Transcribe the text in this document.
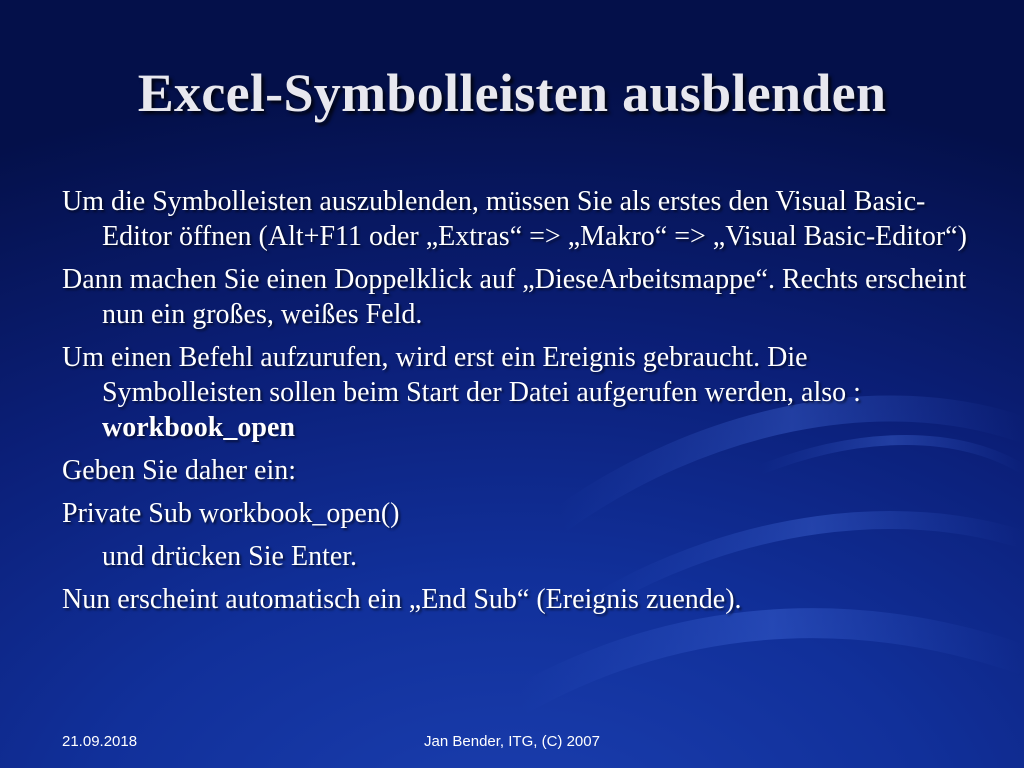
Excel-Symbolleisten ausblenden
Um die Symbolleisten auszublenden, müssen Sie als erstes den Visual Basic-Editor öffnen (Alt+F11 oder „Extras“ => „Makro“ => „Visual Basic-Editor“)
Dann machen Sie einen Doppelklick auf „DieseArbeitsmappe“. Rechts erscheint nun ein großes, weißes Feld.
Um einen Befehl aufzurufen, wird erst ein Ereignis gebraucht. Die Symbolleisten sollen beim Start der Datei aufgerufen werden, also : workbook_open
Geben Sie daher ein:
Private Sub workbook_open()
und drücken Sie Enter.
Nun erscheint automatisch ein „End Sub“ (Ereignis zuende).
21.09.2018	Jan Bender, ITG, (C) 2007
